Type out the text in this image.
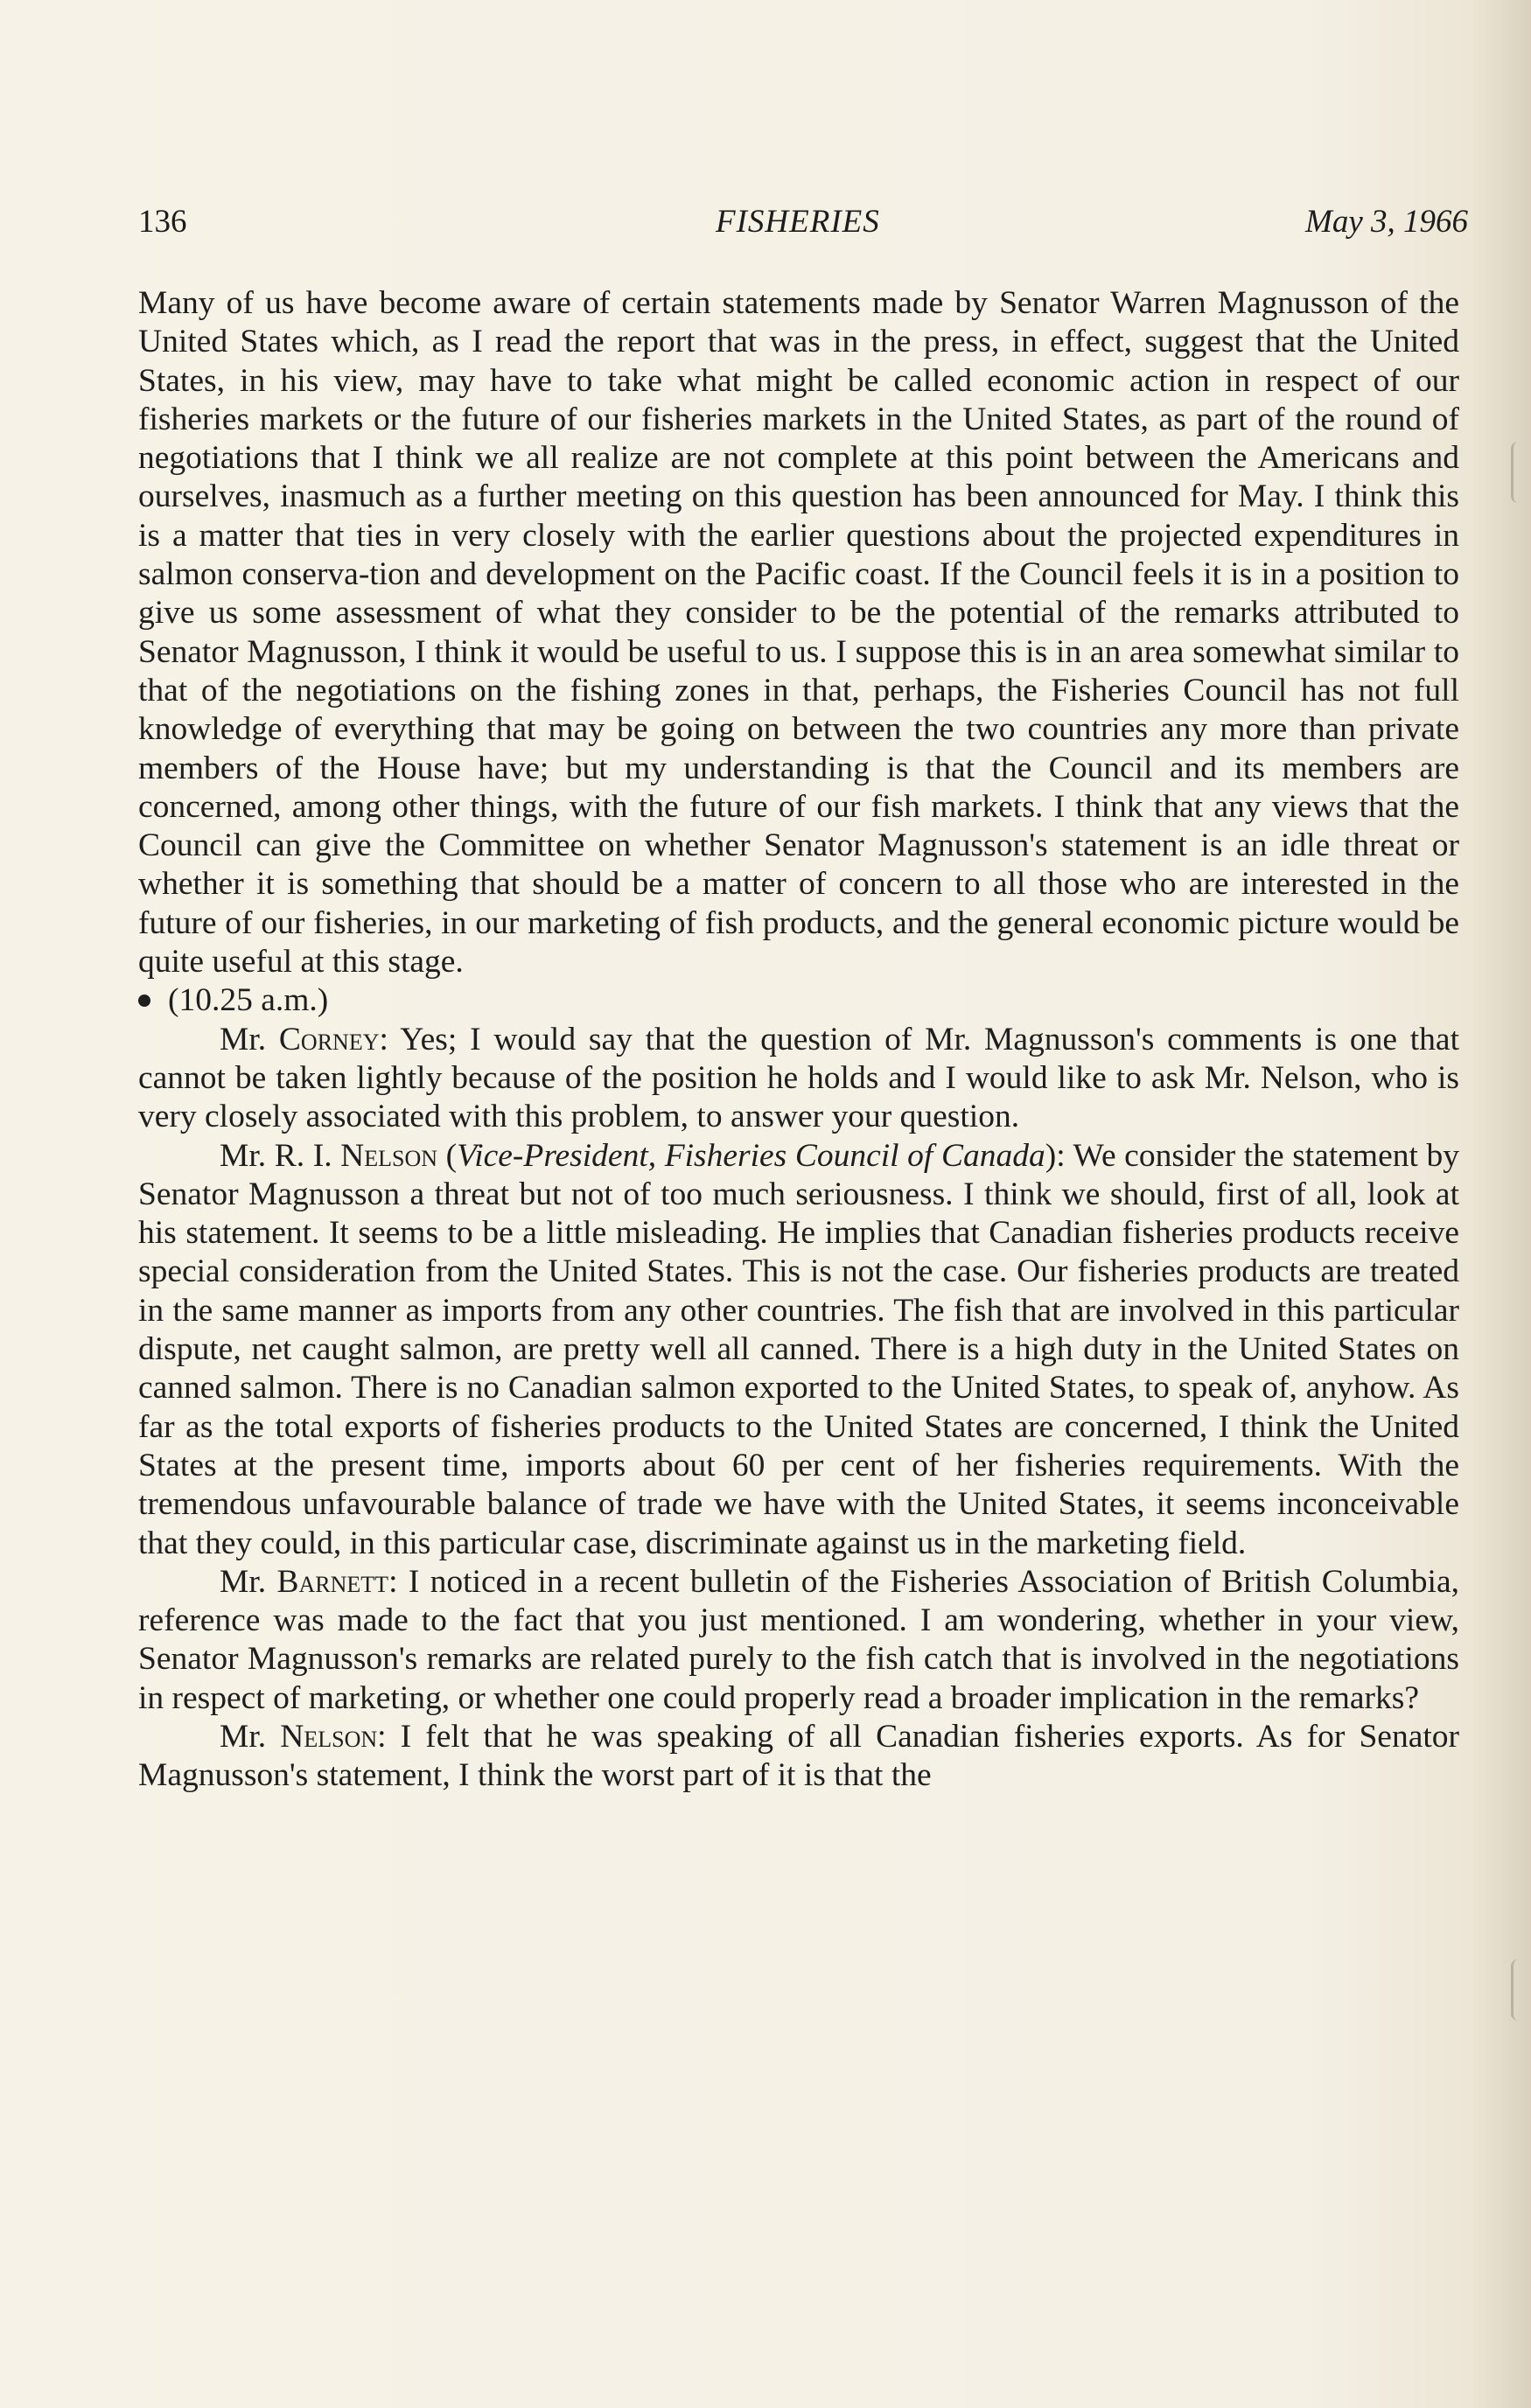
136	FISHERIES	May 3, 1966

Many of us have become aware of certain statements made by Senator Warren Magnusson of the United States which, as I read the report that was in the press, in effect, suggest that the United States, in his view, may have to take what might be called economic action in respect of our fisheries markets or the future of our fisheries markets in the United States, as part of the round of negotiations that I think we all realize are not complete at this point between the Americans and ourselves, inasmuch as a further meeting on this question has been announced for May. I think this is a matter that ties in very closely with the earlier questions about the projected expenditures in salmon conserva-tion and development on the Pacific coast. If the Council feels it is in a position to give us some assessment of what they consider to be the potential of the remarks attributed to Senator Magnusson, I think it would be useful to us. I suppose this is in an area somewhat similar to that of the negotiations on the fishing zones in that, perhaps, the Fisheries Council has not full knowledge of everything that may be going on between the two countries any more than private members of the House have; but my understanding is that the Council and its members are concerned, among other things, with the future of our fish markets. I think that any views that the Council can give the Committee on whether Senator Magnusson's statement is an idle threat or whether it is something that should be a matter of concern to all those who are interested in the future of our fisheries, in our marketing of fish products, and the general economic picture would be quite useful at this stage.

(10.25 a.m.)

Mr. Corney: Yes; I would say that the question of Mr. Magnusson's comments is one that cannot be taken lightly because of the position he holds and I would like to ask Mr. Nelson, who is very closely associated with this problem, to answer your question.

Mr. R. I. Nelson (Vice-President, Fisheries Council of Canada): We consider the statement by Senator Magnusson a threat but not of too much seriousness. I think we should, first of all, look at his statement. It seems to be a little misleading. He implies that Canadian fisheries products receive special consideration from the United States. This is not the case. Our fisheries products are treated in the same manner as imports from any other countries. The fish that are involved in this particular dispute, net caught salmon, are pretty well all canned. There is a high duty in the United States on canned salmon. There is no Canadian salmon exported to the United States, to speak of, anyhow. As far as the total exports of fisheries products to the United States are concerned, I think the United States at the present time, imports about 60 per cent of her fisheries requirements. With the tremendous unfavourable balance of trade we have with the United States, it seems inconceivable that they could, in this particular case, discriminate against us in the marketing field.

Mr. Barnett: I noticed in a recent bulletin of the Fisheries Association of British Columbia, reference was made to the fact that you just mentioned. I am wondering, whether in your view, Senator Magnusson's remarks are related purely to the fish catch that is involved in the negotiations in respect of marketing, or whether one could properly read a broader implication in the remarks?

Mr. Nelson: I felt that he was speaking of all Canadian fisheries exports. As for Senator Magnusson's statement, I think the worst part of it is that the
